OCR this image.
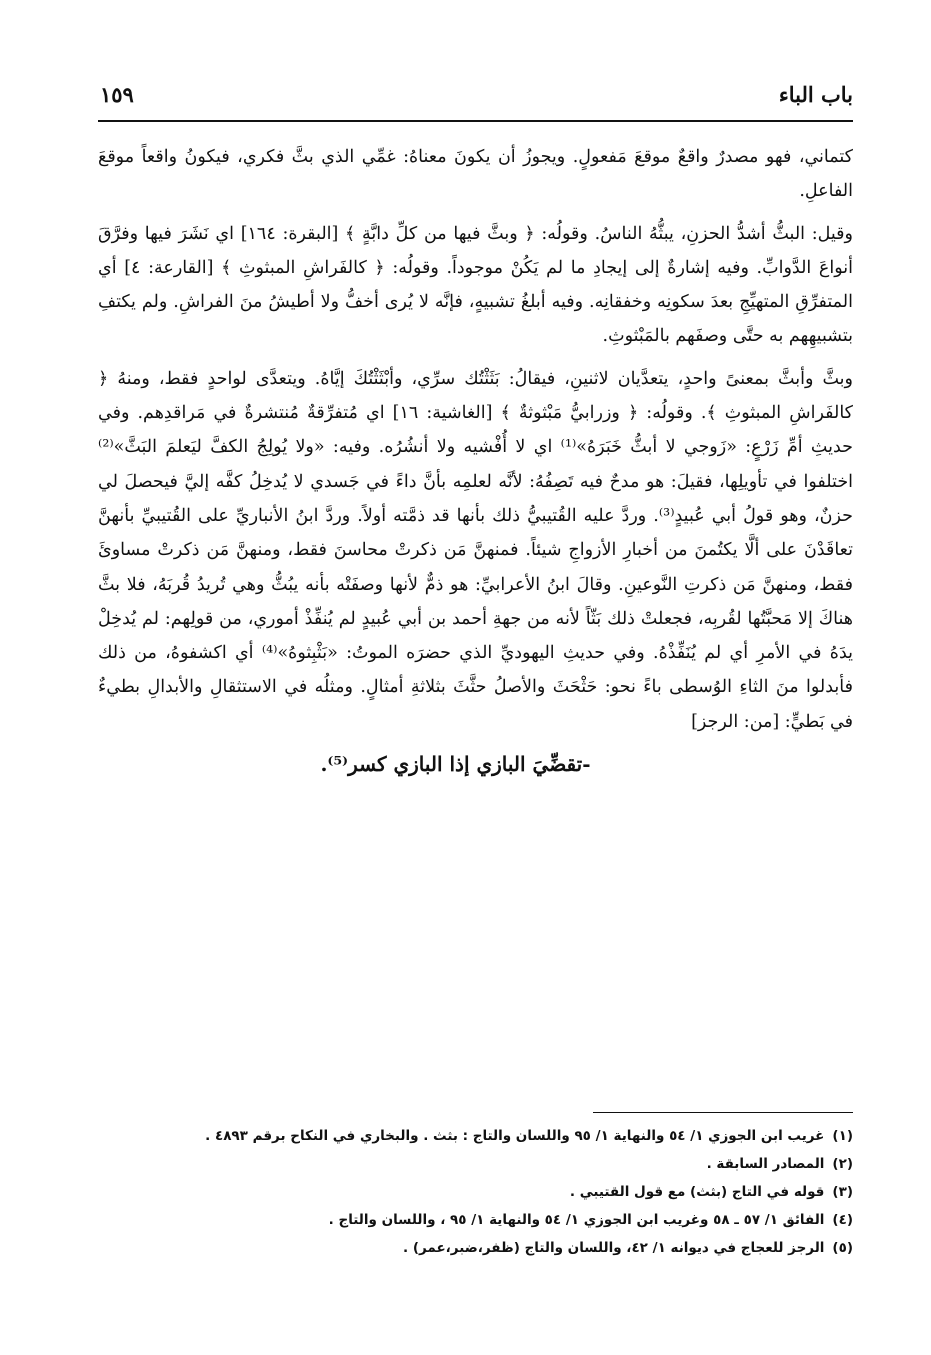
باب الباء
١٥٩

كتماني، فهو مصدرٌ واقعٌ موقعَ مَفعولٍ. ويجوزُ أن يكونَ معناهُ: غمِّي الذي بثَّ فكري، فيكونُ واقعاً موقعَ الفاعلِ.

وقيل: البثُّ أشدُّ الحزنِ، يبثُّهُ الناسُ. وقولُه: ﴿ وبثَّ فيها من كلِّ دابَّةٍ ﴾ [البقرة: ١٦٤] اي نَشَرَ فيها وفرَّقَ أنواعَ الدَّوابِّ. وفيه إشارةٌ إلى إيجادِ ما لم يَكُنْ موجوداً. وقولُه: ﴿ كالفَراشِ المبثوثِ ﴾ [القارعة: ٤] أي المتفرِّقِ المتهيِّجِ بعدَ سكونِه وخفقانِه. وفيه أبلغُ تشبيهٍ، فإنَّه لا يُرى أخفُّ ولا أطيشُ منَ الفراشِ. ولم يكتفِ بتشبيهِهم به حتَّى وصفَهم بالمَبْثوثِ.

وبثَّ وأبثَّ بمعنىً واحدٍ، يتعدَّيان لاثنينِ، فيقالُ: بَثَثْتُك سرِّي، وأبْثَثْتُكَ إيَّاهُ. ويتعدَّى لواحدٍ فقط، ومنهُ ﴿ كالفَراشِ المبثوثِ ﴾. وقولُه: ﴿ وزرابيُّ مَبْثوثةٌ ﴾ [الغاشية: ١٦] اي مُتفرِّقةٌ مُنتشرةٌ في مَراقدِهم. وفي حديثِ أمِّ زَرْعٍ: «زَوجي لا أبثُّ خَبَرَهُ»⁽¹⁾ اي لا أُفْشيه ولا أنشُرُه. وفيه: «ولا يُولِجُ الكفَّ ليَعلمَ البَثَّ»⁽²⁾ اختلفوا في تأويلِها، فقيلَ: هو مدحٌ فيه تَصِفُهُ: لأنَّه لعلمِه بأنَّ داءً في جَسدي لا يُدخِلُ كفَّه إليَّ فيحصلَ لي حزنٌ، وهو قولُ أبي عُبيدٍ⁽³⁾. وردَّ عليه القُتيبيُّ ذلك بأنها قد ذمَّته أولاً. وردَّ ابنُ الأنباريِّ على القُتيبيِّ بأنهنَّ تعاقَدْنَ على ألَّا يكتُمنَ من أخبارِ الأزواجِ شيئاً. فمنهنَّ مَن ذكرتْ محاسنَ فقط، ومنهنَّ مَن ذكرتْ مساوئَ فقط، ومنهنَّ مَن ذكرتِ النَّوعينِ. وقالَ ابنُ الأعرابيِّ: هو ذمٌّ لأنها وصفَتْه بأنه يبُثُّ وهي تُريدُ قُربَهُ، فلا بثَّ هناكَ إلا مَحبَّتُها لقُربِه، فجعلتْ ذلك بَثّاً لأنه من جهةِ أحمد بن أبي عُبيدٍ لم يُنفِّذْ أموري، من قولِهم: لم يُدخِلْ يدَهُ في الأمرِ أي لم يُنَفِّذْهُ. وفي حديثِ اليهوديِّ الذي حضرَه الموتُ: «بَثْبِثوهُ»⁽⁴⁾ أي اكشفوهُ، من ذلك فأبدلوا منَ الثاءِ الوُسطى باءً نحو: حَثْحَثَ والأصلُ حثَّثَ بثلاثةِ أمثالٍ. ومثلُه في الاستثقالِ والأبدالِ بطيءٌ في بَطيٍّ: [من: الرجز]

-تقضِّيَ البازي إذا البازي كسر⁽⁵⁾.

(١)غريب ابن الجوزي ١/ ٥٤ والنهاية ١/ ٩٥ واللسان والتاج : بثث . والبخاري في النكاح برقم ٤٨٩٣ .

(٢)المصادر السابقة .

(٣)قوله في التاج (بثث) مع قول القتيبي .

(٤)الفائق ١/ ٥٧ ـ ٥٨ وغريب ابن الجوزي ١/ ٥٤ والنهاية ١/ ٩٥ ، واللسان والتاج .

(٥)الرجز للعجاج في ديوانه ١/ ٤٢، واللسان والتاج (ظفر،ضبر،عمر) .
